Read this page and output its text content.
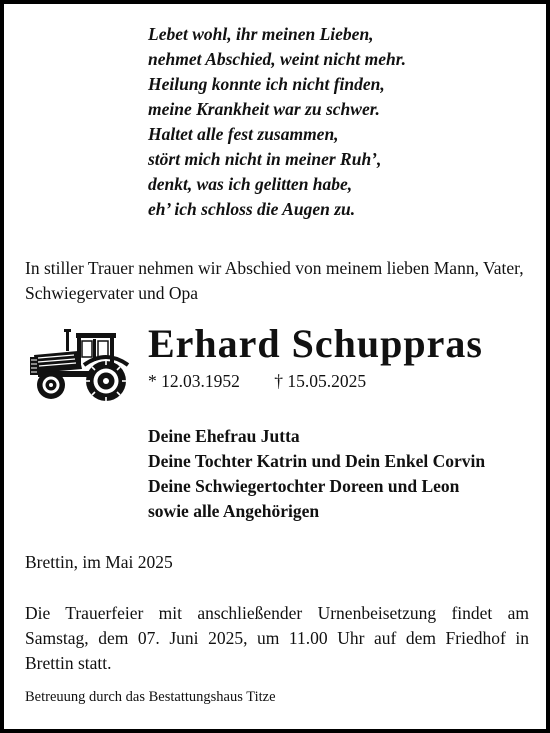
Lebet wohl, ihr meinen Lieben,
nehmet Abschied, weint nicht mehr.
Heilung konnte ich nicht finden,
meine Krankheit war zu schwer.
Haltet alle fest zusammen,
stört mich nicht in meiner Ruh’,
denkt, was ich gelitten habe,
eh’ ich schloss die Augen zu.
In stiller Trauer nehmen wir Abschied von meinem lieben Mann, Vater, Schwiegervater und Opa
Erhard Schuppras
* 12.03.1952 † 15.05.2025
Deine Ehefrau Jutta
Deine Tochter Katrin und Dein Enkel Corvin
Deine Schwiegertochter Doreen und Leon
sowie alle Angehörigen
Brettin, im Mai 2025
Die Trauerfeier mit anschließender Urnenbeisetzung findet am
Samstag, dem 07. Juni 2025, um 11.00 Uhr auf dem Friedhof in
Brettin statt.
Betreuung durch das Bestattungshaus Titze
